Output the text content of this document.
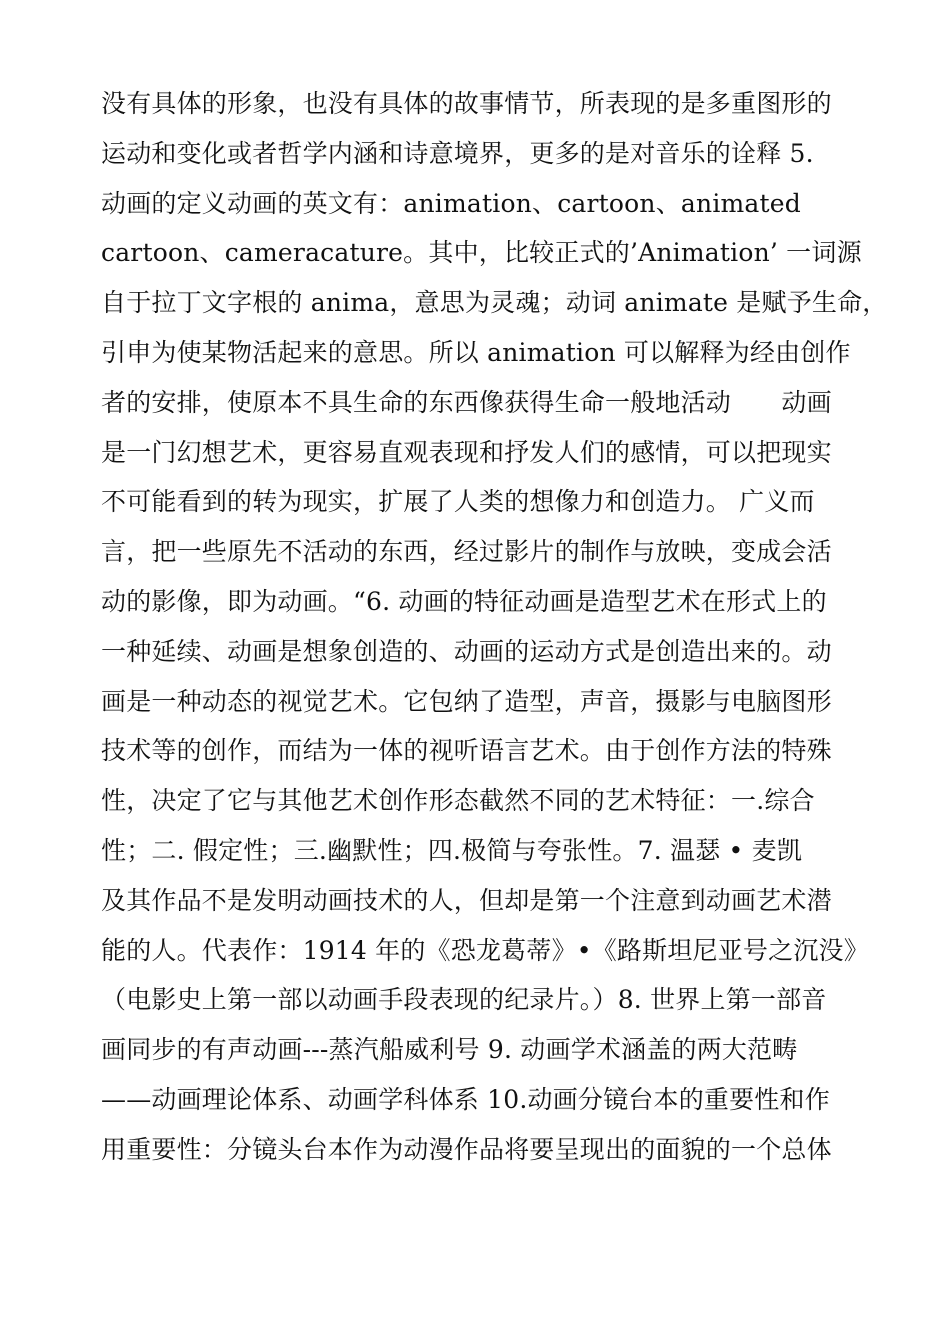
没有具体的形象，也没有具体的故事情节，所表现的是多重图形的
运动和变化或者哲学内涵和诗意境界，更多的是对音乐的诠释 5.
动画的定义动画的英文有：animation、cartoon、animated
cartoon、cameracature。其中，比较正式的’Animation’ 一词源
自于拉丁文字根的 anima，意思为灵魂；动词 animate 是赋予生命，
引申为使某物活起来的意思。所以 animation 可以解释为经由创作
者的安排，使原本不具生命的东西像获得生命一般地活动　　动画
是一门幻想艺术，更容易直观表现和抒发人们的感情，可以把现实
不可能看到的转为现实，扩展了人类的想像力和创造力。 广义而
言，把一些原先不活动的东西，经过影片的制作与放映，变成会活
动的影像，即为动画。“6. 动画的特征动画是造型艺术在形式上的
一种延续、动画是想象创造的、动画的运动方式是创造出来的。动
画是一种动态的视觉艺术。它包纳了造型，声音，摄影与电脑图形
技术等的创作，而结为一体的视听语言艺术。由于创作方法的特殊
性，决定了它与其他艺术创作形态截然不同的艺术特征：一.综合
性；二. 假定性；三.幽默性；四.极简与夸张性。7. 温瑟 • 麦凯
及其作品不是发明动画技术的人，但却是第一个注意到动画艺术潜
能的人。代表作：1914 年的《恐龙葛蒂》•《路斯坦尼亚号之沉没》
（电影史上第一部以动画手段表现的纪录片。）8. 世界上第一部音
画同步的有声动画---蒸汽船威利号 9. 动画学术涵盖的两大范畴
——动画理论体系、动画学科体系 10.动画分镜台本的重要性和作
用重要性：分镜头台本作为动漫作品将要呈现出的面貌的一个总体
